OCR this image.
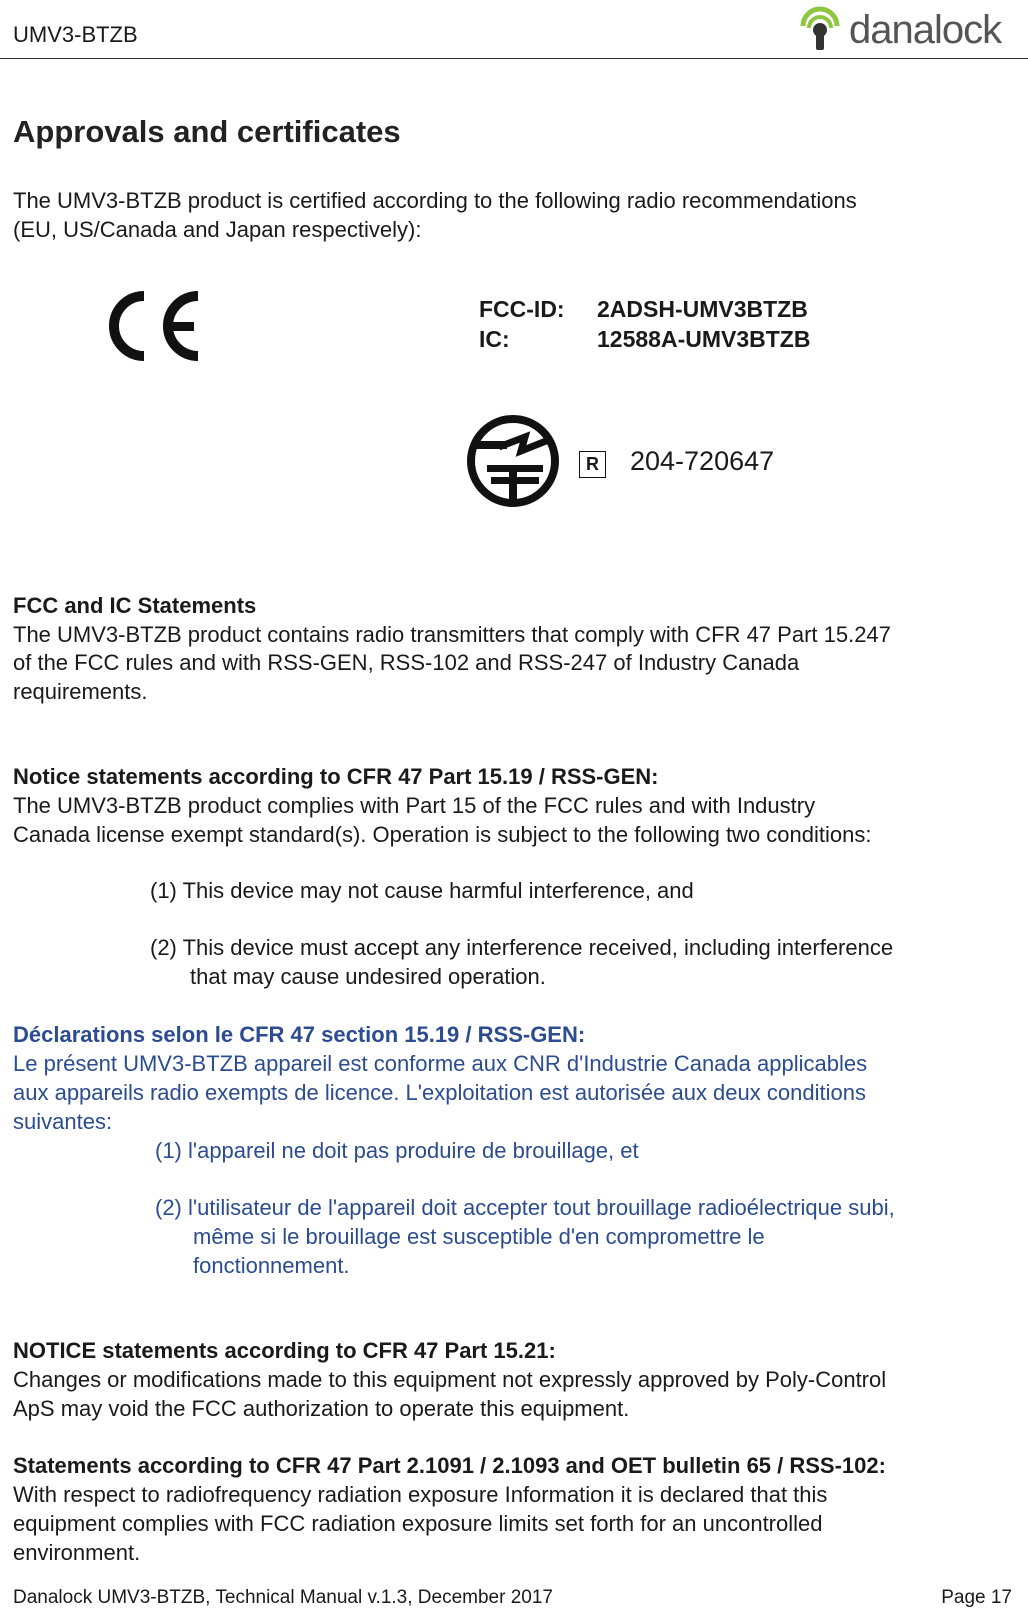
UMV3-BTZB	danalock
Approvals and certificates
The UMV3-BTZB product is certified according to the following radio recommendations
(EU, US/Canada and Japan respectively):
FCC-ID: 2ADSH-UMV3BTZB
IC:	12588A-UMV3BTZB
R 204-720647
FCC and IC Statements
The UMV3-BTZB product contains radio transmitters that comply with CFR 47 Part 15.247
of the FCC rules and with RSS-GEN, RSS-102 and RSS-247 of Industry Canada
requirements.
Notice statements according to CFR 47 Part 15.19 / RSS-GEN:
The UMV3-BTZB product complies with Part 15 of the FCC rules and with Industry
Canada license exempt standard(s). Operation is subject to the following two conditions:
(1) This device may not cause harmful interference, and
(2) This device must accept any interference received, including interference
that may cause undesired operation.
Déclarations selon le CFR 47 section 15.19 / RSS-GEN:
Le présent UMV3-BTZB appareil est conforme aux CNR d'Industrie Canada applicables
aux appareils radio exempts de licence. L'exploitation est autorisée aux deux conditions
suivantes:
(1) l'appareil ne doit pas produire de brouillage, et
(2) l'utilisateur de l'appareil doit accepter tout brouillage radioélectrique subi,
même si le brouillage est susceptible d'en compromettre le
fonctionnement.
NOTICE statements according to CFR 47 Part 15.21:
Changes or modifications made to this equipment not expressly approved by Poly-Control
ApS may void the FCC authorization to operate this equipment.
Statements according to CFR 47 Part 2.1091 / 2.1093 and OET bulletin 65 / RSS-102:
With respect to radiofrequency radiation exposure Information it is declared that this
equipment complies with FCC radiation exposure limits set forth for an uncontrolled
environment.
Danalock UMV3-BTZB, Technical Manual v.1.3, December 2017	Page 17
